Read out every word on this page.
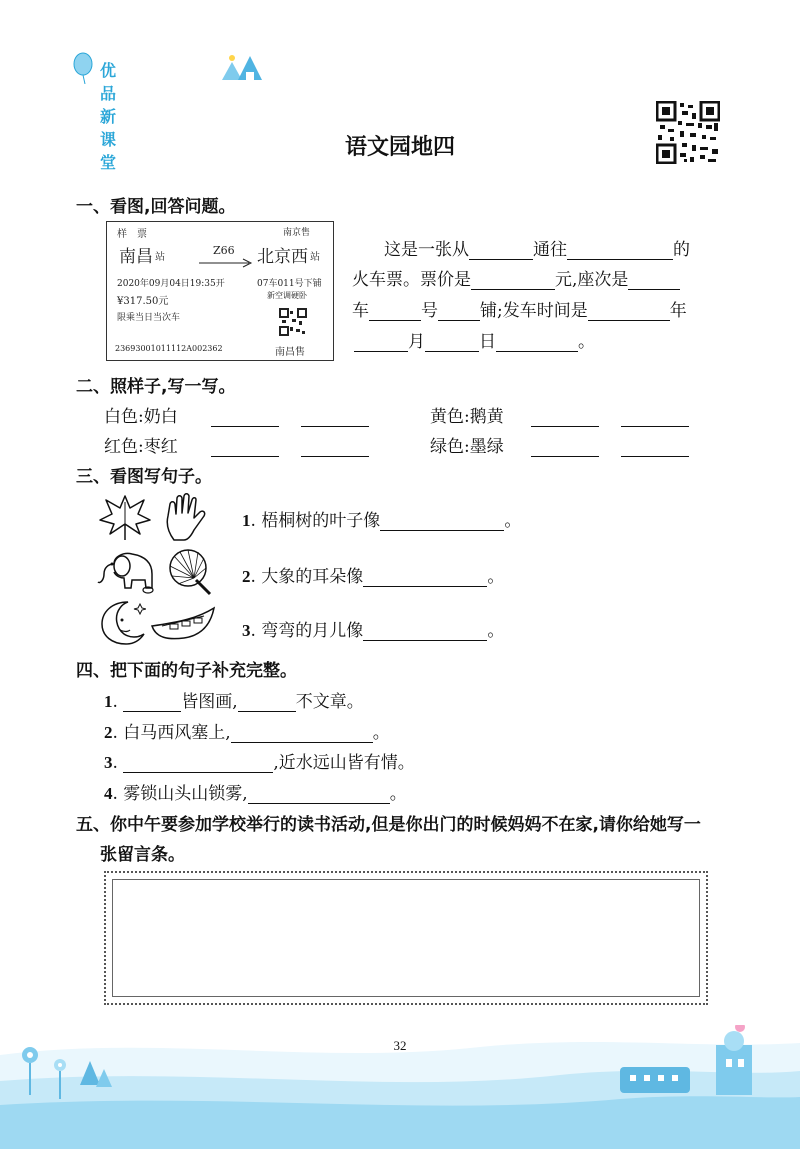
优品新课堂
语文园地四
一、看图,回答问题。
样　票	南京售
南昌 站
Z66 北京西 站
2020年09月04日19:35开	07车011号下铺
¥317.50元
新空调硬卧
限乘当日当次车
23693001011112A002362	南昌售
这是一张从	通往	的
火车票。票价是	元,座次是
车	号 铺;发车时间是	年
月	日	。
二、照样子,写一写。
白色:奶白	黄色:鹅黄
红色:枣红	绿色:墨绿
三、看图写句子。
1. 梧桐树的叶子像	。
2. 大象的耳朵像	。
3. 弯弯的月儿像	。
四、把下面的句子补充完整。
1.	皆图画,	不文章。
2. 白马西风塞上,	。
3.	,近水远山皆有情。
4. 雾锁山头山锁雾,	。
五、你中午要参加学校举行的读书活动,但是你出门的时候妈妈不在家,请你给她写一
张留言条。
32
